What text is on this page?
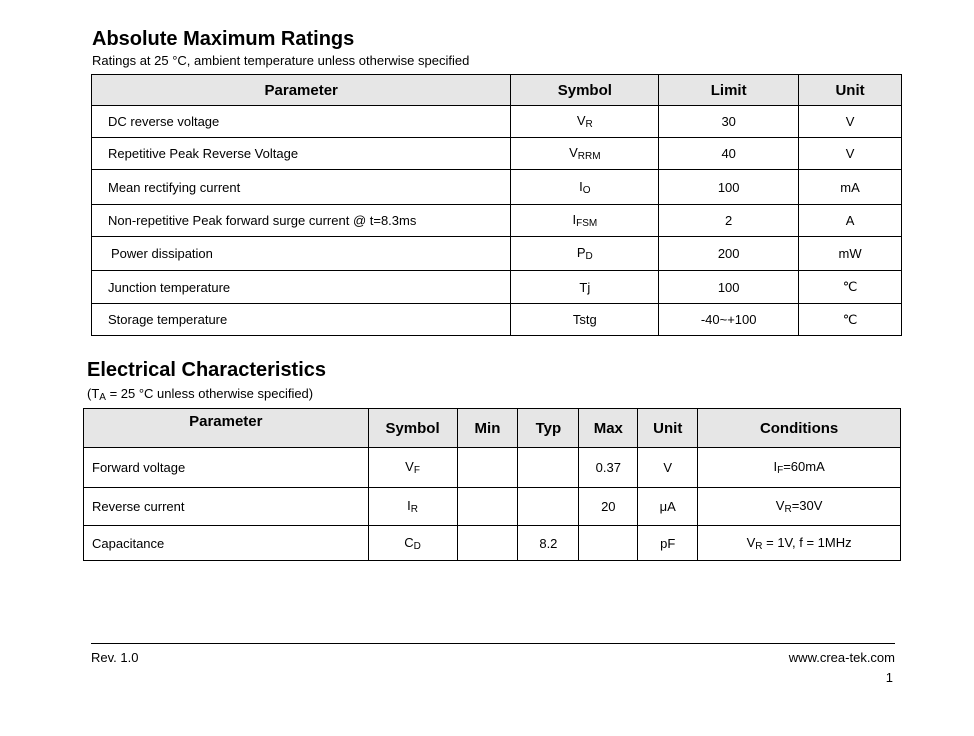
Absolute Maximum Ratings
Ratings at 25 °C, ambient temperature unless otherwise specified
Parameter	Symbol	Limit	Unit
DC reverse voltage	$V_R$	30	V
Repetitive Peak Reverse Voltage	$V_{RRM}$	40	V
Mean rectifying current	$I_O$	100	mA
Non-repetitive Peak forward surge current @ t=8.3ms	$I_{FSM}$	2	A
Power dissipation	$P_D$	200	mW
Junction temperature	Tj	100	℃
Storage temperature	Tstg	-40~+100	℃
Electrical Characteristics
($T_A = 25$ °C unless otherwise specified)
Parameter	Symbol	Min	Typ	Max	Unit	Conditions
Forward voltage	$V_F$			0.37	V	$I_F=60mA$
Reverse current	$I_R$			20	μA	$V_R=30V$
Capacitance	$C_D$		8.2		pF	$V_R = 1V$, f = 1MHz
Rev. 1.0	www.crea-tek.com
1
